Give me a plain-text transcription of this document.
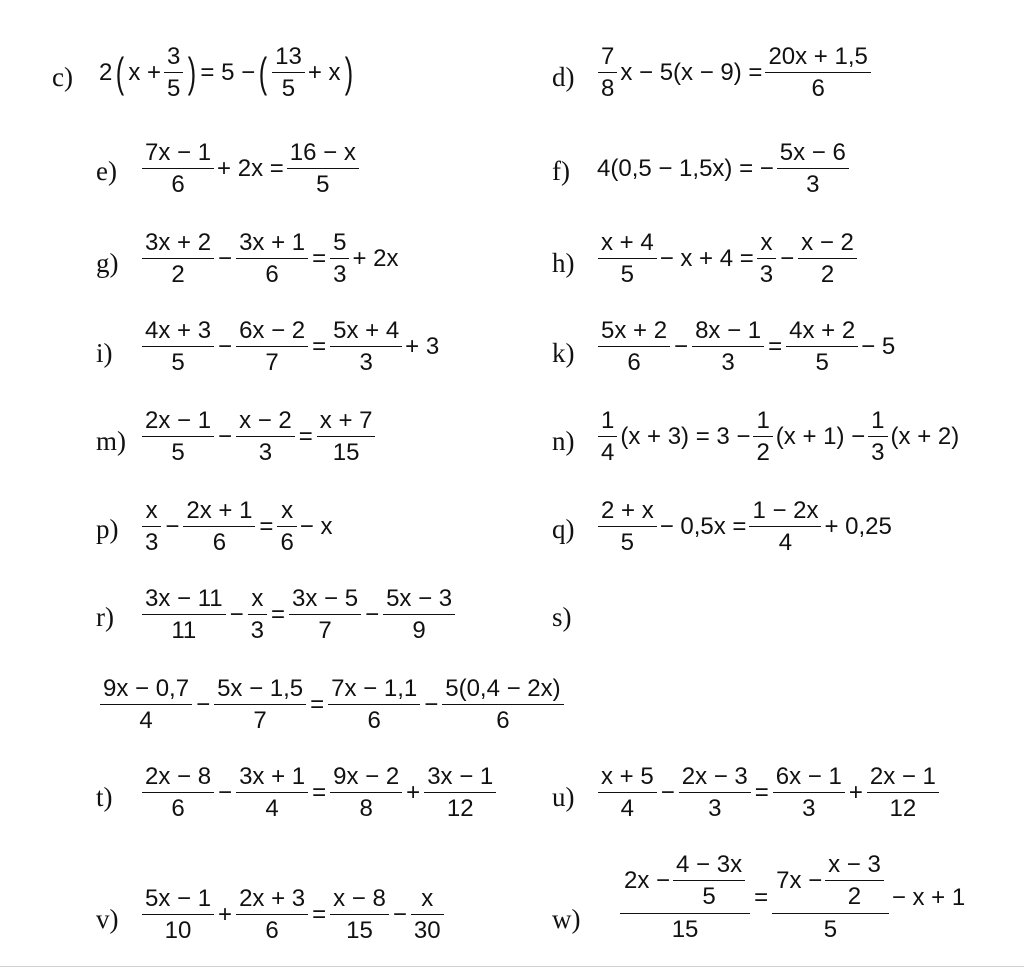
c) 2 ( $x + \frac{3}{5}$ ) = 5 − ( $\frac{13}{5} + x$ )	$d) \frac{7}{8}$ $x - 5(x - 9) = \frac{20x + 1,5}{6}$
$e) \frac{7x - 1}{6} + 2x = \frac{16 - x}{5}$	f) 4(0,5 − 1,5x) = − $\frac{5x - 6}{3}$
$g) \frac{3x + 2}{2} - \frac{3x + 1}{6} = \frac{5}{3} + 2x$	$h) \frac{x + 4}{5} - x + 4 = \frac{x}{3} - \frac{x - 2}{2}$
$i) \frac{4x + 3}{5} - \frac{6x - 2}{7} = \frac{5x + 4}{3} + 3$	$k) \frac{5x + 2}{6} - \frac{8x - 1}{3} = \frac{4x + 2}{5} - 5$
$m) \frac{2x - 1}{5} - \frac{x - 2}{3} = \frac{x + 7}{15}$	$n) \frac{1}{4} (x + 3) = 3 - \frac{1}{2} (x + 1) - \frac{1}{3} (x + 2)$
$p) \frac{x}{3} - \frac{2x + 1}{6} = \frac{x}{6} - x$	$q) \frac{2 + x}{5} - 0,5x = \frac{1 - 2x}{4} + 0,25$
$r) \frac{3x - 11}{11} - \frac{x}{3} = \frac{3x - 5}{7} - \frac{5x - 3}{9}$	s)
$\frac{9x - 0,7}{4} - \frac{5x - 1,5}{7} = \frac{7x - 1,1}{6} - \frac{5(0,4 - 2x)}{6}$
$t) \frac{2x - 8}{6} - \frac{3x + 1}{4} = \frac{9x - 2}{8} + \frac{3x - 1}{12} u) \frac{x + 5}{4} - \frac{2x - 3}{3} = \frac{6x - 1}{3} + \frac{2x - 1}{12}$
$v) \frac{5x - 1}{10} + \frac{2x + 3}{6} = \frac{x - 8}{15} - \frac{x}{30}$	$w) \frac{2x - \frac{4 - 3x}{5}}{15} = \frac{7x - \frac{x - 3}{2}}{5} - x + 1$
